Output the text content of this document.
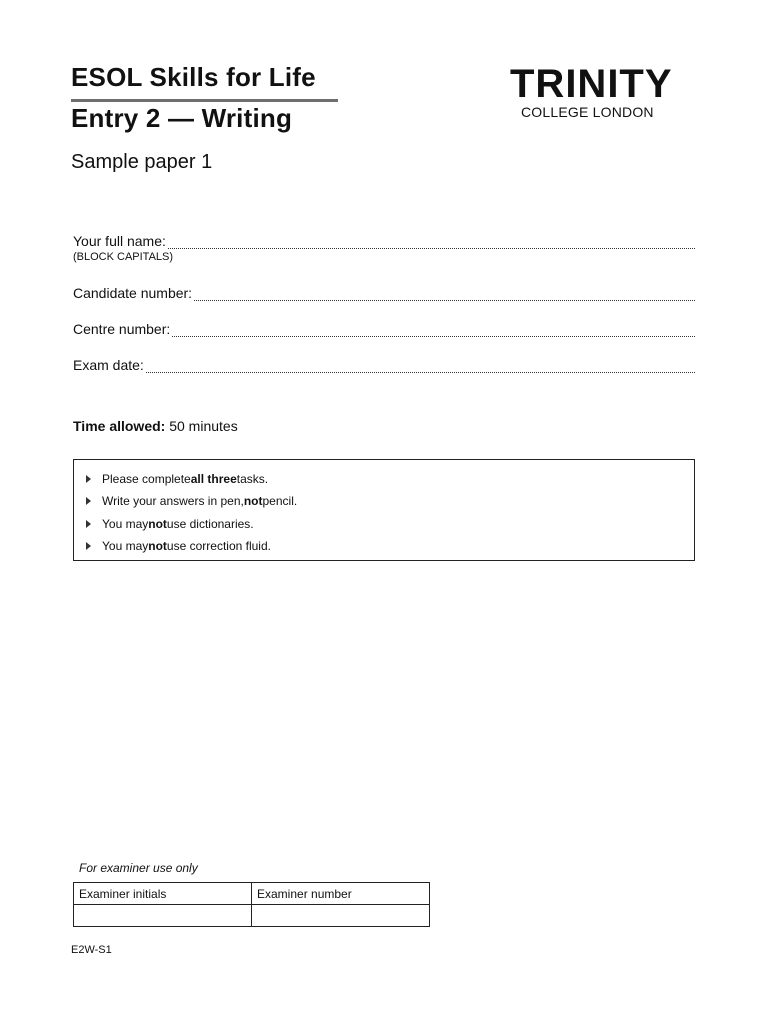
ESOL Skills for Life
Entry 2 — Writing
Sample paper 1
TRINITY
COLLEGE LONDON
Your full name:
(BLOCK CAPITALS)
Candidate number:
Centre number:
Exam date:
Time allowed: 50 minutes
Please complete all three tasks.
Write your answers in pen, not pencil.
You may not use dictionaries.
You may not use correction fluid.
For examiner use only
Examiner initials	Examiner number

E2W-S1
